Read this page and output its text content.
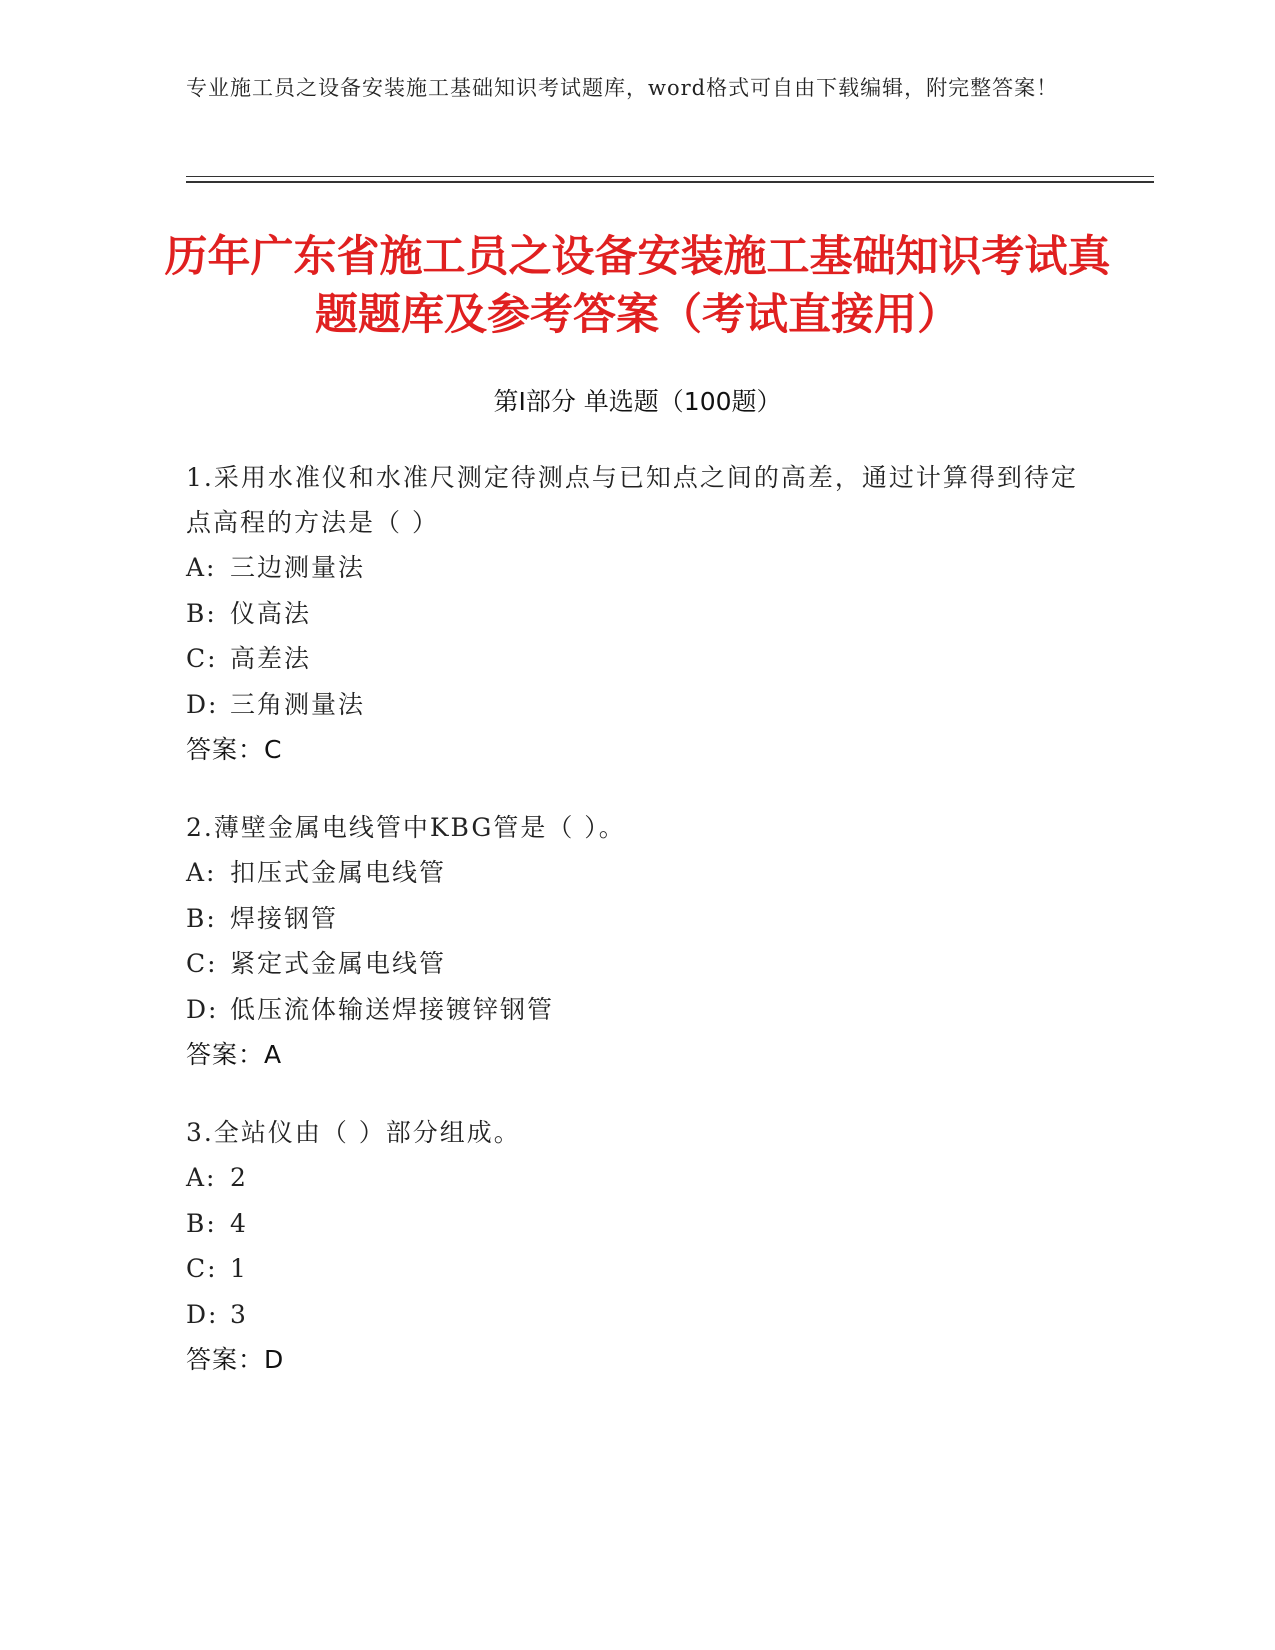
专业施工员之设备安装施工基础知识考试题库，word格式可自由下载编辑，附完整答案！
历年广东省施工员之设备安装施工基础知识考试真题题库及参考答案（考试直接用）
第Ⅰ部分 单选题（100题）
1.采用水准仪和水准尺测定待测点与已知点之间的高差，通过计算得到待定点高程的方法是（ ）
A: 三边测量法
B: 仪高法
C: 高差法
D: 三角测量法
答案：C
2.薄壁金属电线管中KBG管是（ ）。
A: 扣压式金属电线管
B: 焊接钢管
C: 紧定式金属电线管
D: 低压流体输送焊接镀锌钢管
答案：A
3.全站仪由（ ）部分组成。
A: 2
B: 4
C: 1
D: 3
答案：D
